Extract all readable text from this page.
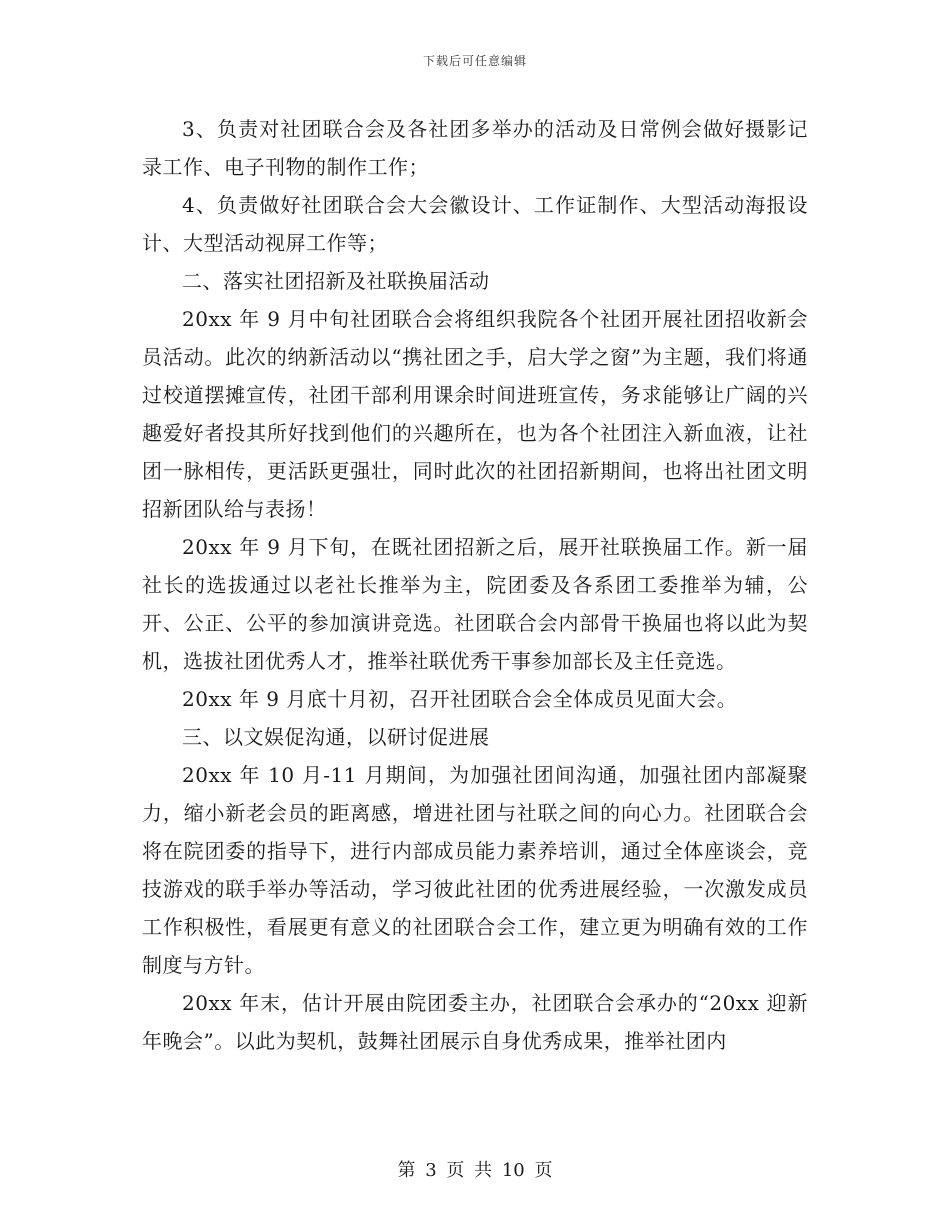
下载后可任意编辑

3、负责对社团联合会及各社团多举办的活动及日常例会做好摄影记录工作、电子刊物的制作工作；

4、负责做好社团联合会大会徽设计、工作证制作、大型活动海报设计、大型活动视屏工作等；

二、落实社团招新及社联换届活动

20xx 年 9 月中旬社团联合会将组织我院各个社团开展社团招收新会员活动。此次的纳新活动以“携社团之手，启大学之窗”为主题，我们将通过校道摆摊宣传，社团干部利用课余时间进班宣传，务求能够让广阔的兴趣爱好者投其所好找到他们的兴趣所在，也为各个社团注入新血液，让社团一脉相传，更活跃更强壮，同时此次的社团招新期间，也将出社团文明招新团队给与表扬！

20xx 年 9 月下旬，在既社团招新之后，展开社联换届工作。新一届社长的选拔通过以老社长推举为主，院团委及各系团工委推举为辅，公开、公正、公平的参加演讲竞选。社团联合会内部骨干换届也将以此为契机，选拔社团优秀人才，推举社联优秀干事参加部长及主任竞选。

20xx 年 9 月底十月初，召开社团联合会全体成员见面大会。

三、以文娱促沟通，以研讨促进展

20xx 年 10 月-11 月期间，为加强社团间沟通，加强社团内部凝聚力，缩小新老会员的距离感，增进社团与社联之间的向心力。社团联合会将在院团委的指导下，进行内部成员能力素养培训，通过全体座谈会，竞技游戏的联手举办等活动，学习彼此社团的优秀进展经验，一次激发成员工作积极性，看展更有意义的社团联合会工作，建立更为明确有效的工作制度与方针。

20xx 年末，估计开展由院团委主办，社团联合会承办的“20xx 迎新年晚会”。以此为契机，鼓舞社团展示自身优秀成果，推举社团内

第 3 页 共 10 页
